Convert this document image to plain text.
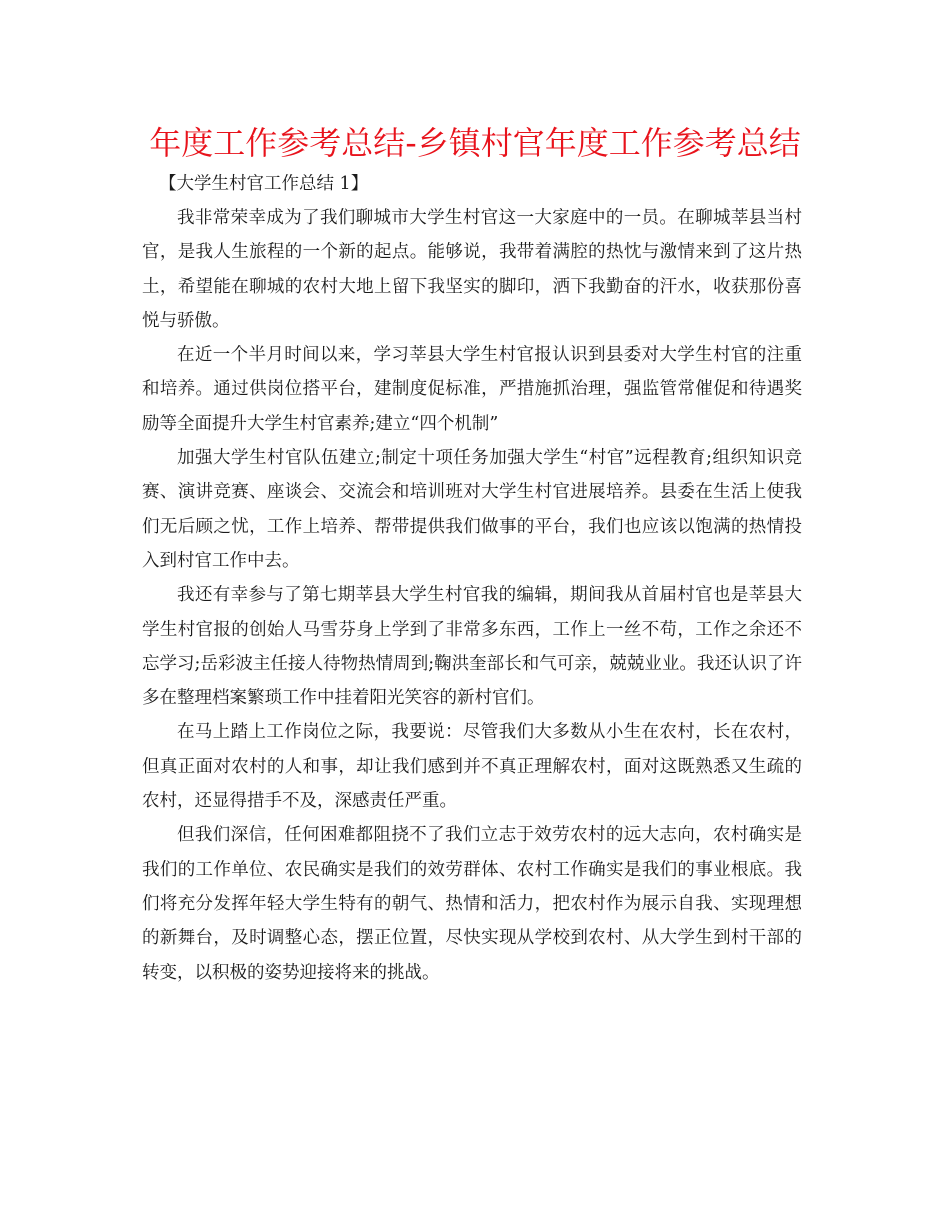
年度工作参考总结-乡镇村官年度工作参考总结

【大学生村官工作总结 1】

我非常荣幸成为了我们聊城市大学生村官这一大家庭中的一员。在聊城莘县当村官，是我人生旅程的一个新的起点。能够说，我带着满腔的热忱与激情来到了这片热土，希望能在聊城的农村大地上留下我坚实的脚印，洒下我勤奋的汗水，收获那份喜悦与骄傲。

在近一个半月时间以来，学习莘县大学生村官报认识到县委对大学生村官的注重和培养。通过供岗位搭平台，建制度促标准，严措施抓治理，强监管常催促和待遇奖励等全面提升大学生村官素养;建立“四个机制”

加强大学生村官队伍建立;制定十项任务加强大学生“村官”远程教育;组织知识竞赛、演讲竞赛、座谈会、交流会和培训班对大学生村官进展培养。县委在生活上使我们无后顾之忧，工作上培养、帮带提供我们做事的平台，我们也应该以饱满的热情投入到村官工作中去。

我还有幸参与了第七期莘县大学生村官我的编辑，期间我从首届村官也是莘县大学生村官报的创始人马雪芬身上学到了非常多东西，工作上一丝不苟，工作之余还不忘学习;岳彩波主任接人待物热情周到;鞠洪奎部长和气可亲，兢兢业业。我还认识了许多在整理档案繁琐工作中挂着阳光笑容的新村官们。

在马上踏上工作岗位之际，我要说：尽管我们大多数从小生在农村，长在农村，但真正面对农村的人和事，却让我们感到并不真正理解农村，面对这既熟悉又生疏的农村，还显得措手不及，深感责任严重。

但我们深信，任何困难都阻挠不了我们立志于效劳农村的远大志向，农村确实是我们的工作单位、农民确实是我们的效劳群体、农村工作确实是我们的事业根底。我们将充分发挥年轻大学生特有的朝气、热情和活力，把农村作为展示自我、实现理想的新舞台，及时调整心态，摆正位置，尽快实现从学校到农村、从大学生到村干部的转变，以积极的姿势迎接将来的挑战。
